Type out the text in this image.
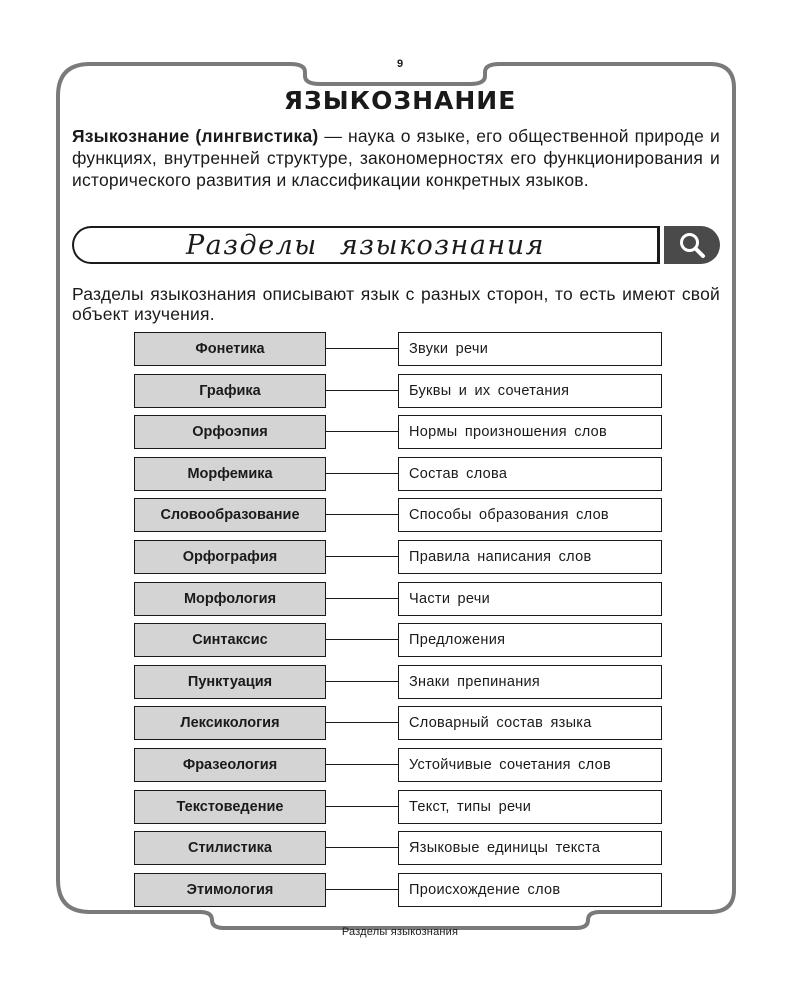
9
ЯЗЫКОЗНАНИЕ
Языкознание (лингвистика) — наука о языке, его общественной природе и функциях, внутренней структуре, закономерностях его функционирования и исторического развития и классификации конкретных языков.
Разделы языкознания
Разделы языкознания описывают язык с разных сторон, то есть имеют свой объект изучения.
Фонетика	Звуки речи
Графика	Буквы и их сочетания
Орфоэпия	Нормы произношения слов
Морфемика	Состав слова
Словообразование	Способы образования слов
Орфография	Правила написания слов
Морфология	Части речи
Синтаксис	Предложения
Пунктуация	Знаки препинания
Лексикология	Словарный состав языка
Фразеология	Устойчивые сочетания слов
Текстоведение	Текст, типы речи
Стилистика	Языковые единицы текста
Этимология	Происхождение слов
Разделы языкознания
